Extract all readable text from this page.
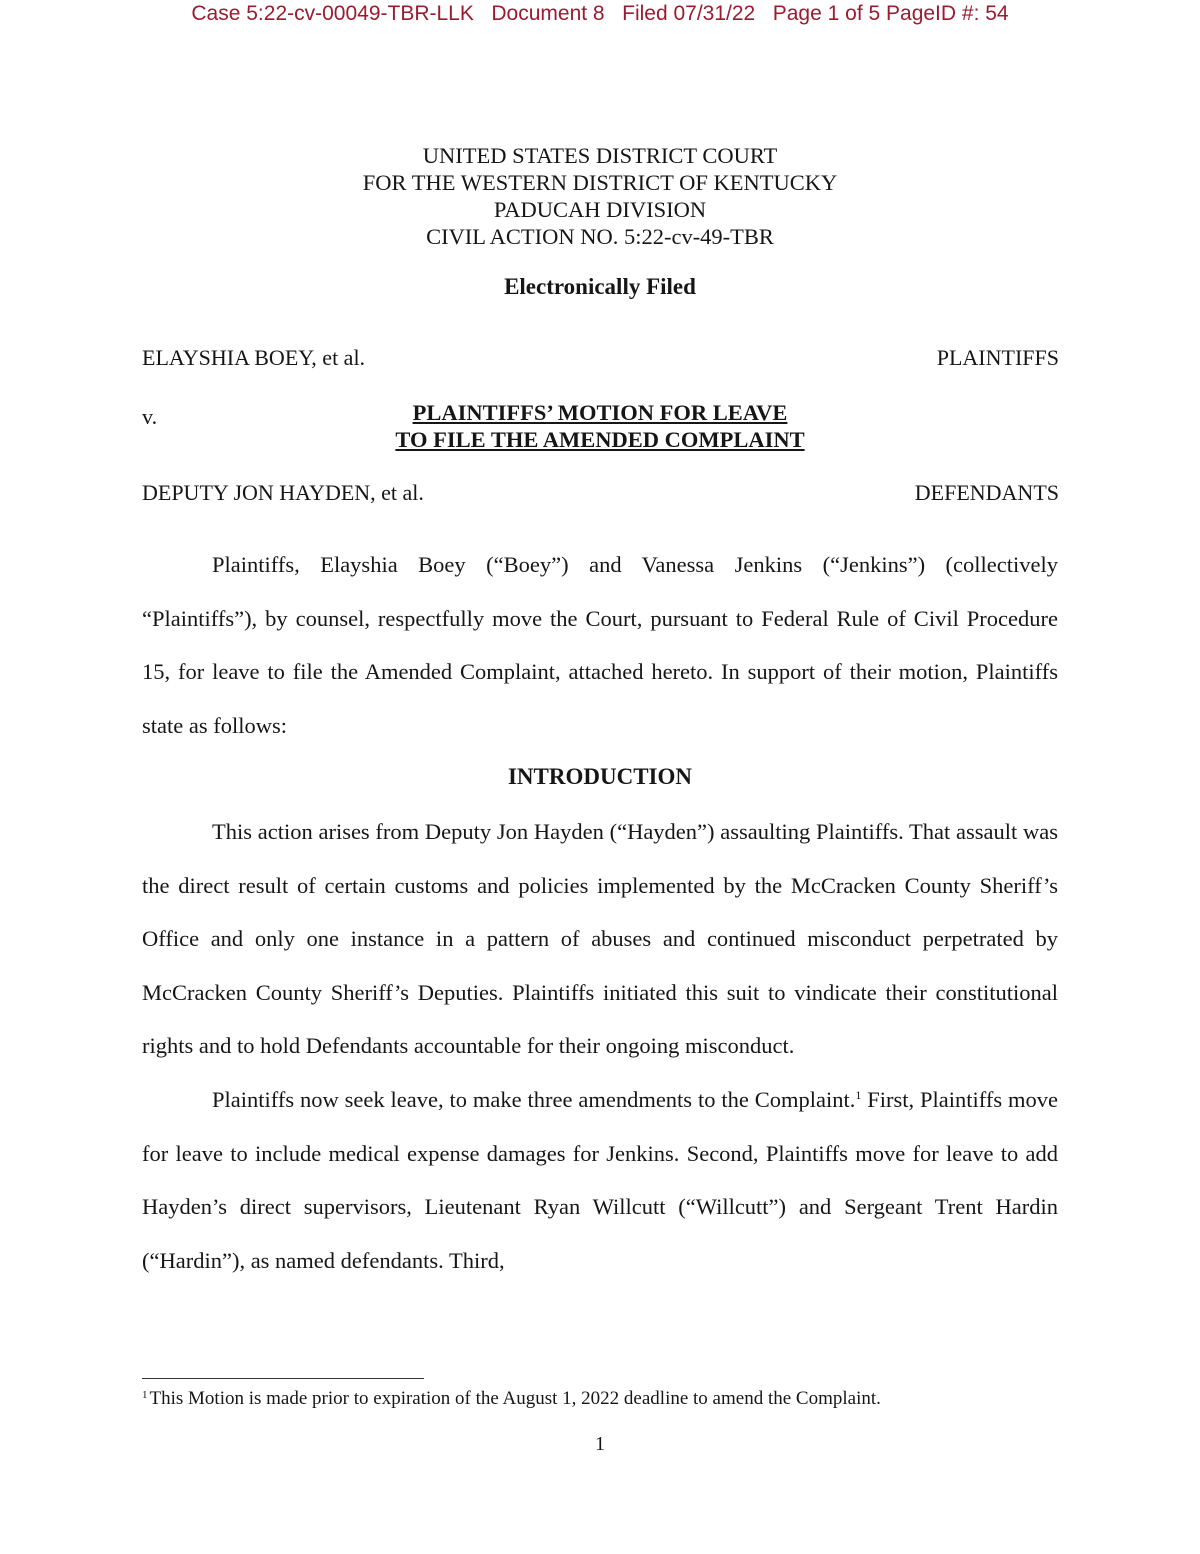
Case 5:22-cv-00049-TBR-LLK Document 8 Filed 07/31/22 Page 1 of 5 PageID #: 54
UNITED STATES DISTRICT COURT
FOR THE WESTERN DISTRICT OF KENTUCKY
PADUCAH DIVISION
CIVIL ACTION NO. 5:22-cv-49-TBR
Electronically Filed
ELAYSHIA BOEY, et al.	PLAINTIFFS
v.	PLAINTIFFS’ MOTION FOR LEAVE
TO FILE THE AMENDED COMPLAINT
DEPUTY JON HAYDEN, et al.	DEFENDANTS

Plaintiffs, Elayshia Boey (“Boey”) and Vanessa Jenkins (“Jenkins”) (collectively “Plaintiffs”), by counsel, respectfully move the Court, pursuant to Federal Rule of Civil Procedure 15, for leave to file the Amended Complaint, attached hereto. In support of their motion, Plaintiffs state as follows:

INTRODUCTION

This action arises from Deputy Jon Hayden (“Hayden”) assaulting Plaintiffs. That assault was the direct result of certain customs and policies implemented by the McCracken County Sheriff’s Office and only one instance in a pattern of abuses and continued misconduct perpetrated by McCracken County Sheriff’s Deputies. Plaintiffs initiated this suit to vindicate their constitutional rights and to hold Defendants accountable for their ongoing misconduct.

Plaintiffs now seek leave, to make three amendments to the Complaint.$^1$ First, Plaintiffs move for leave to include medical expense damages for Jenkins. Second, Plaintiffs move for leave to add Hayden’s direct supervisors, Lieutenant Ryan Willcutt (“Willcutt”) and Sergeant Trent Hardin (“Hardin”), as named defendants. Third,

$^1$ This Motion is made prior to expiration of the August 1, 2022 deadline to amend the Complaint.
1
